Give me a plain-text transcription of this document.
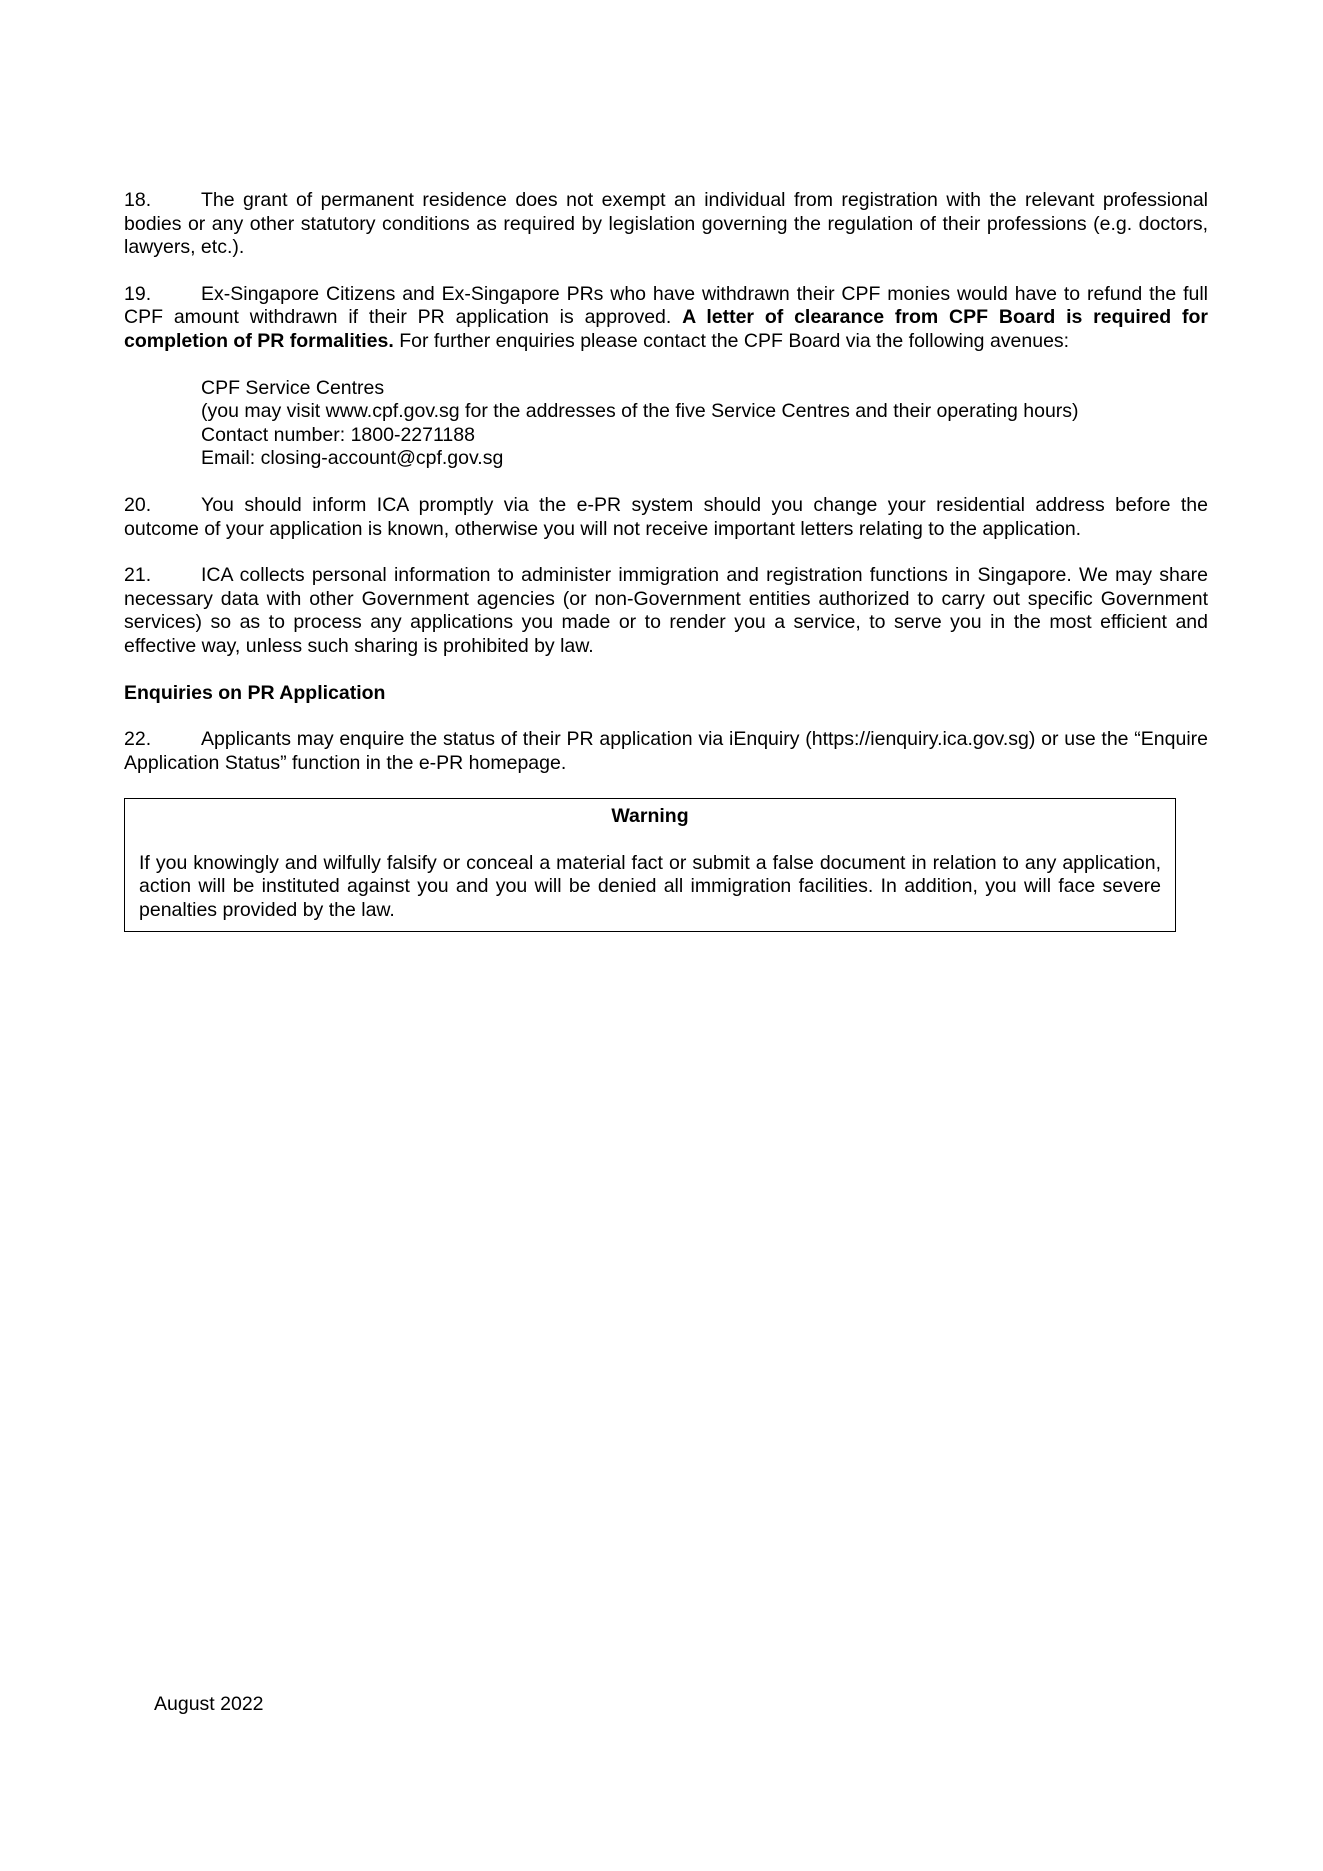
18.	The grant of permanent residence does not exempt an individual from registration with the relevant professional bodies or any other statutory conditions as required by legislation governing the regulation of their professions (e.g. doctors, lawyers, etc.).

19.	Ex-Singapore Citizens and Ex-Singapore PRs who have withdrawn their CPF monies would have to refund the full CPF amount withdrawn if their PR application is approved. A letter of clearance from CPF Board is required for completion of PR formalities. For further enquiries please contact the CPF Board via the following avenues:

CPF Service Centres
(you may visit www.cpf.gov.sg for the addresses of the five Service Centres and their operating hours)
Contact number: 1800-2271188
Email: closing-account@cpf.gov.sg

20.	You should inform ICA promptly via the e-PR system should you change your residential address before the outcome of your application is known, otherwise you will not receive important letters relating to the application.

21.	ICA collects personal information to administer immigration and registration functions in Singapore. We may share necessary data with other Government agencies (or non-Government entities authorized to carry out specific Government services) so as to process any applications you made or to render you a service, to serve you in the most efficient and effective way, unless such sharing is prohibited by law.

Enquiries on PR Application

22.	Applicants may enquire the status of their PR application via iEnquiry (https://ienquiry.ica.gov.sg) or use the “Enquire Application Status” function in the e-PR homepage.

Warning

If you knowingly and wilfully falsify or conceal a material fact or submit a false document in relation to any application, action will be instituted against you and you will be denied all immigration facilities. In addition, you will face severe penalties provided by the law.

August 2022
